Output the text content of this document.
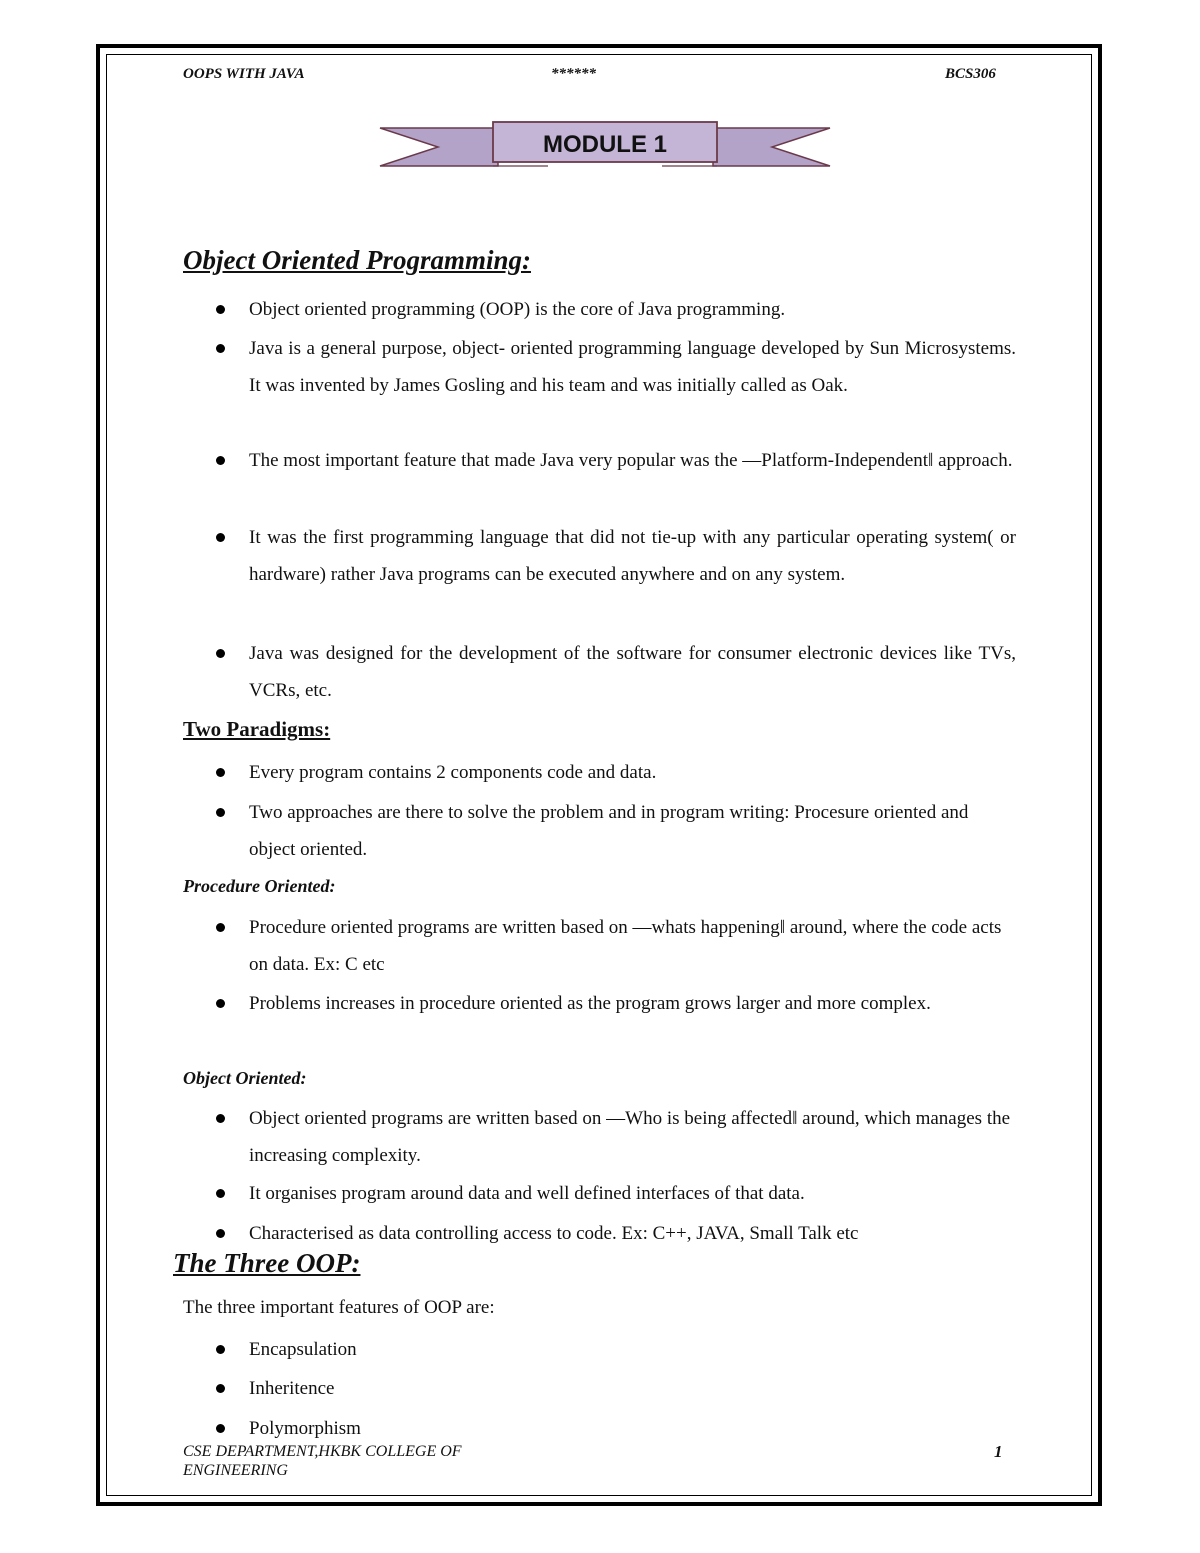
OOPS WITH JAVA	******	BCS306
MODULE 1
Object Oriented Programming:
Object oriented programming (OOP) is the core of Java programming.
Java is a general purpose, object- oriented programming language developed by Sun Microsystems. It was invented by James Gosling and his team and was initially called as Oak.
The most important feature that made Java very popular was the —Platform-Independent‖ approach.
It was the first programming language that did not tie-up with any particular operating system( or hardware) rather Java programs can be executed anywhere and on any system.
Java was designed for the development of the software for consumer electronic devices like TVs, VCRs, etc.
Two Paradigms:
Every program contains 2 components code and data.
Two approaches are there to solve the problem and in program writing: Procesure oriented and object oriented.
Procedure Oriented:
Procedure oriented programs are written based on —whats happening‖ around, where the code acts on data. Ex: C etc
Problems increases in procedure oriented as the program grows larger and more complex.
Object Oriented:
Object oriented programs are written based on —Who is being affected‖ around, which manages the increasing complexity.
It organises program around data and well defined interfaces of that data.
Characterised as data controlling access to code. Ex: C++, JAVA, Small Talk etc
The Three OOP:
The three important features of OOP are:
Encapsulation
Inheritence
Polymorphism
CSE DEPARTMENT,HKBK COLLEGE OF ENGINEERING
1
